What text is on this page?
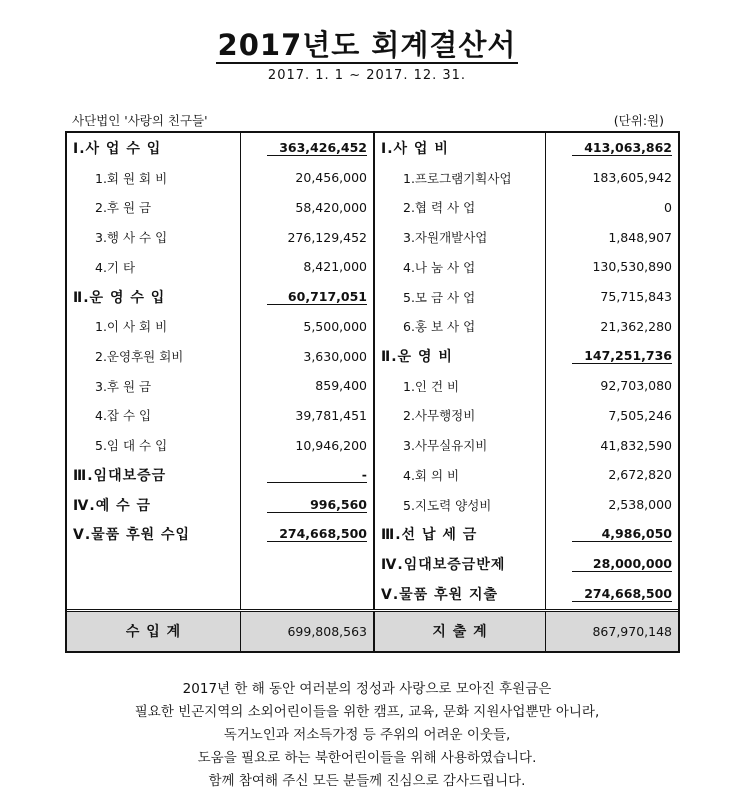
2017년도 회계결산서
2017. 1. 1 ~ 2017. 12. 31.
사단법인 '사랑의 친구들'	(단위:원)
Ⅰ.사 업 수 입	363,426,452	Ⅰ.사 업 비	413,063,862
1.회 원 회 비	20,456,000	1.프로그램기획사업	183,605,942
2.후 원 금	58,420,000	2.협 력 사 업	0
3.행 사 수 입	276,129,452	3.자원개발사업	1,848,907
4.기 타	8,421,000	4.나 눔 사 업	130,530,890
Ⅱ.운 영 수 입	60,717,051	5.모 금 사 업	75,715,843
1.이 사 회 비	5,500,000	6.홍 보 사 업	21,362,280
2.운영후원 회비	3,630,000	Ⅱ.운 영 비	147,251,736
3.후 원 금	859,400	1.인 건 비	92,703,080
4.잡 수 입	39,781,451	2.사무행정비	7,505,246
5.임 대 수 입	10,946,200	3.사무실유지비	41,832,590
Ⅲ.임대보증금	-	4.회 의 비	2,672,820
Ⅳ.예 수 금	996,560	5.지도력 양성비	2,538,000
Ⅴ.물품 후원 수입	274,668,500	Ⅲ.선 납 세 금	4,986,050
		Ⅳ.임대보증금반제	28,000,000
		Ⅴ.물품 후원 지출	274,668,500
수 입 계	699,808,563	지 출 계	867,970,148
2017년 한 해 동안 여러분의 정성과 사랑으로 모아진 후원금은
필요한 빈곤지역의 소외어린이들을 위한 캠프, 교육, 문화 지원사업뿐만 아니라,
독거노인과 저소득가정 등 주위의 어려운 이웃들,
도움을 필요로 하는 북한어린이들을 위해 사용하였습니다.
함께 참여해 주신 모든 분들께 진심으로 감사드립니다.
